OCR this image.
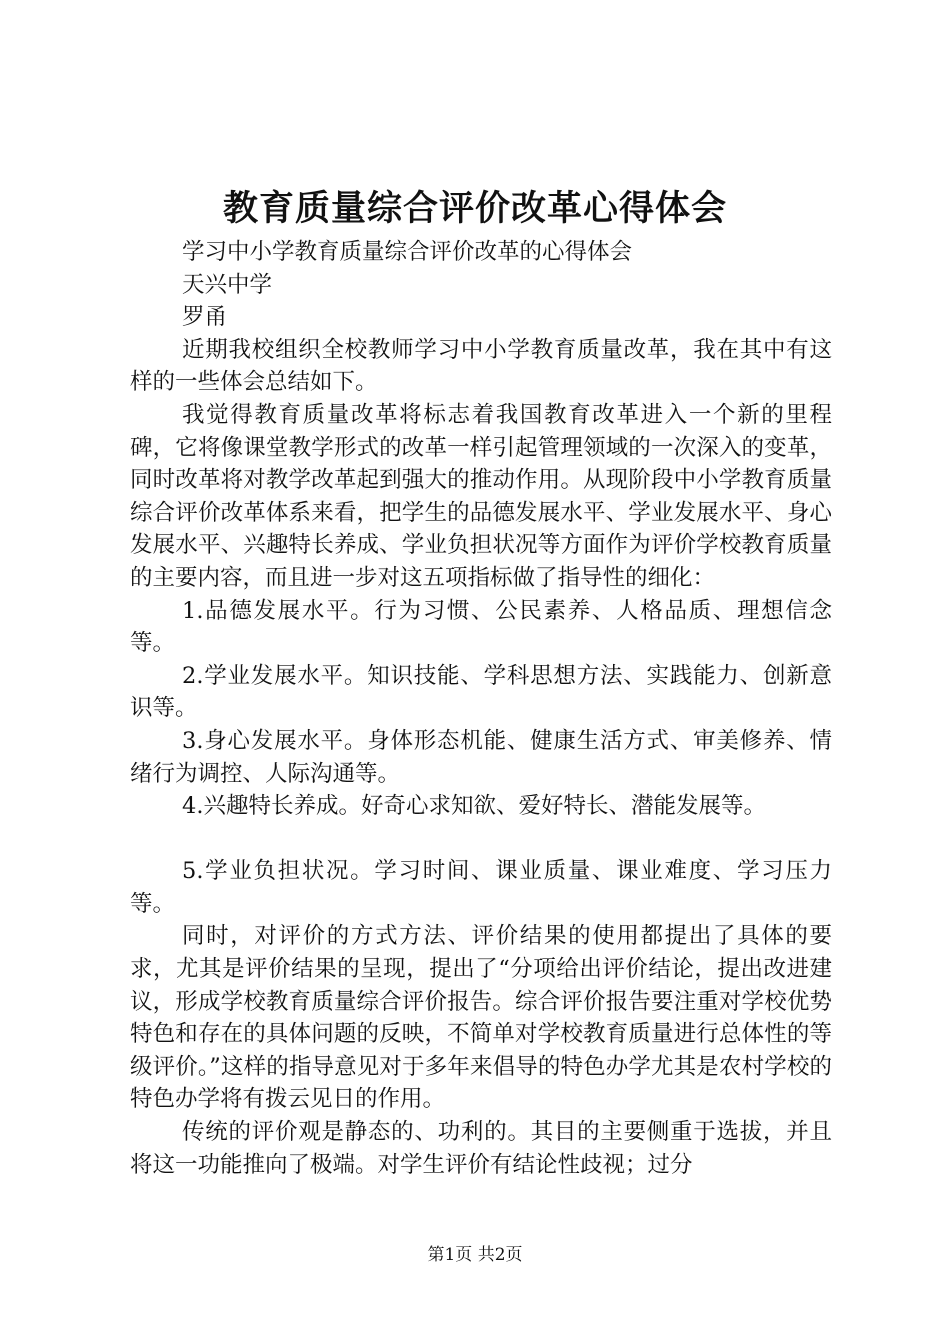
教育质量综合评价改革心得体会

学习中小学教育质量综合评价改革的心得体会

天兴中学

罗甬

近期我校组织全校教师学习中小学教育质量改革，我在其中有这样的一些体会总结如下。

我觉得教育质量改革将标志着我国教育改革进入一个新的里程碑，它将像课堂教学形式的改革一样引起管理领域的一次深入的变革，同时改革将对教学改革起到强大的推动作用。从现阶段中小学教育质量综合评价改革体系来看，把学生的品德发展水平、学业发展水平、身心发展水平、兴趣特长养成、学业负担状况等方面作为评价学校教育质量的主要内容，而且进一步对这五项指标做了指导性的细化：

1.品德发展水平。行为习惯、公民素养、人格品质、理想信念等。

2.学业发展水平。知识技能、学科思想方法、实践能力、创新意识等。

3.身心发展水平。身体形态机能、健康生活方式、审美修养、情绪行为调控、人际沟通等。

4.兴趣特长养成。好奇心求知欲、爱好特长、潜能发展等。

5.学业负担状况。学习时间、课业质量、课业难度、学习压力等。

同时，对评价的方式方法、评价结果的使用都提出了具体的要求，尤其是评价结果的呈现，提出了“分项给出评价结论，提出改进建议，形成学校教育质量综合评价报告。综合评价报告要注重对学校优势特色和存在的具体问题的反映，不简单对学校教育质量进行总体性的等级评价。”这样的指导意见对于多年来倡导的特色办学尤其是农村学校的特色办学将有拨云见日的作用。

传统的评价观是静态的、功利的。其目的主要侧重于选拔，并且将这一功能推向了极端。对学生评价有结论性歧视；过分

第1页 共2页
